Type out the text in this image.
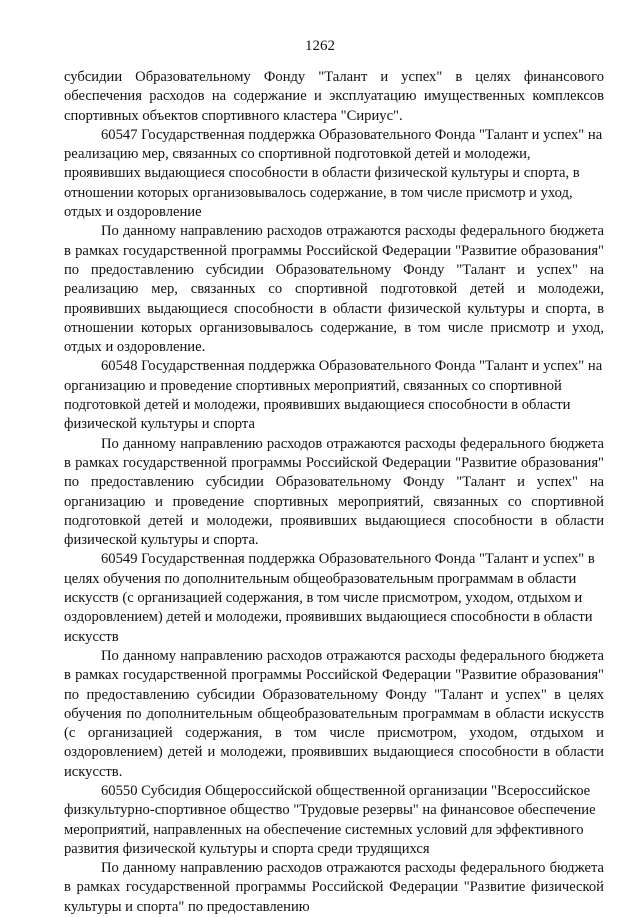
1262

субсидии Образовательному Фонду "Талант и успех" в целях финансового обеспечения расходов на содержание и эксплуатацию имущественных комплексов спортивных объектов спортивного кластера "Сириус".

60547 Государственная поддержка Образовательного Фонда "Талант и успех" на реализацию мер, связанных со спортивной подготовкой детей и молодежи, проявивших выдающиеся способности в области физической культуры и спорта, в отношении которых организовывалось содержание, в том числе присмотр и уход, отдых и оздоровление

По данному направлению расходов отражаются расходы федерального бюджета в рамках государственной программы Российской Федерации "Развитие образования" по предоставлению субсидии Образовательному Фонду "Талант и успех" на реализацию мер, связанных со спортивной подготовкой детей и молодежи, проявивших выдающиеся способности в области физической культуры и спорта, в отношении которых организовывалось содержание, в том числе присмотр и уход, отдых и оздоровление.

60548 Государственная поддержка Образовательного Фонда "Талант и успех" на организацию и проведение спортивных мероприятий, связанных со спортивной подготовкой детей и молодежи, проявивших выдающиеся способности в области физической культуры и спорта

По данному направлению расходов отражаются расходы федерального бюджета в рамках государственной программы Российской Федерации "Развитие образования" по предоставлению субсидии Образовательному Фонду "Талант и успех" на организацию и проведение спортивных мероприятий, связанных со спортивной подготовкой детей и молодежи, проявивших выдающиеся способности в области физической культуры и спорта.

60549 Государственная поддержка Образовательного Фонда "Талант и успех" в целях обучения по дополнительным общеобразовательным программам в области искусств (с организацией содержания, в том числе присмотром, уходом, отдыхом и оздоровлением) детей и молодежи, проявивших выдающиеся способности в области искусств

По данному направлению расходов отражаются расходы федерального бюджета в рамках государственной программы Российской Федерации "Развитие образования" по предоставлению субсидии Образовательному Фонду "Талант и успех" в целях обучения по дополнительным общеобразовательным программам в области искусств (с организацией содержания, в том числе присмотром, уходом, отдыхом и оздоровлением) детей и молодежи, проявивших выдающиеся способности в области искусств.

60550 Субсидия Общероссийской общественной организации "Всероссийское физкультурно-спортивное общество "Трудовые резервы" на финансовое обеспечение мероприятий, направленных на обеспечение системных условий для эффективного развития физической культуры и спорта среди трудящихся

По данному направлению расходов отражаются расходы федерального бюджета в рамках государственной программы Российской Федерации "Развитие физической культуры и спорта" по предоставлению
